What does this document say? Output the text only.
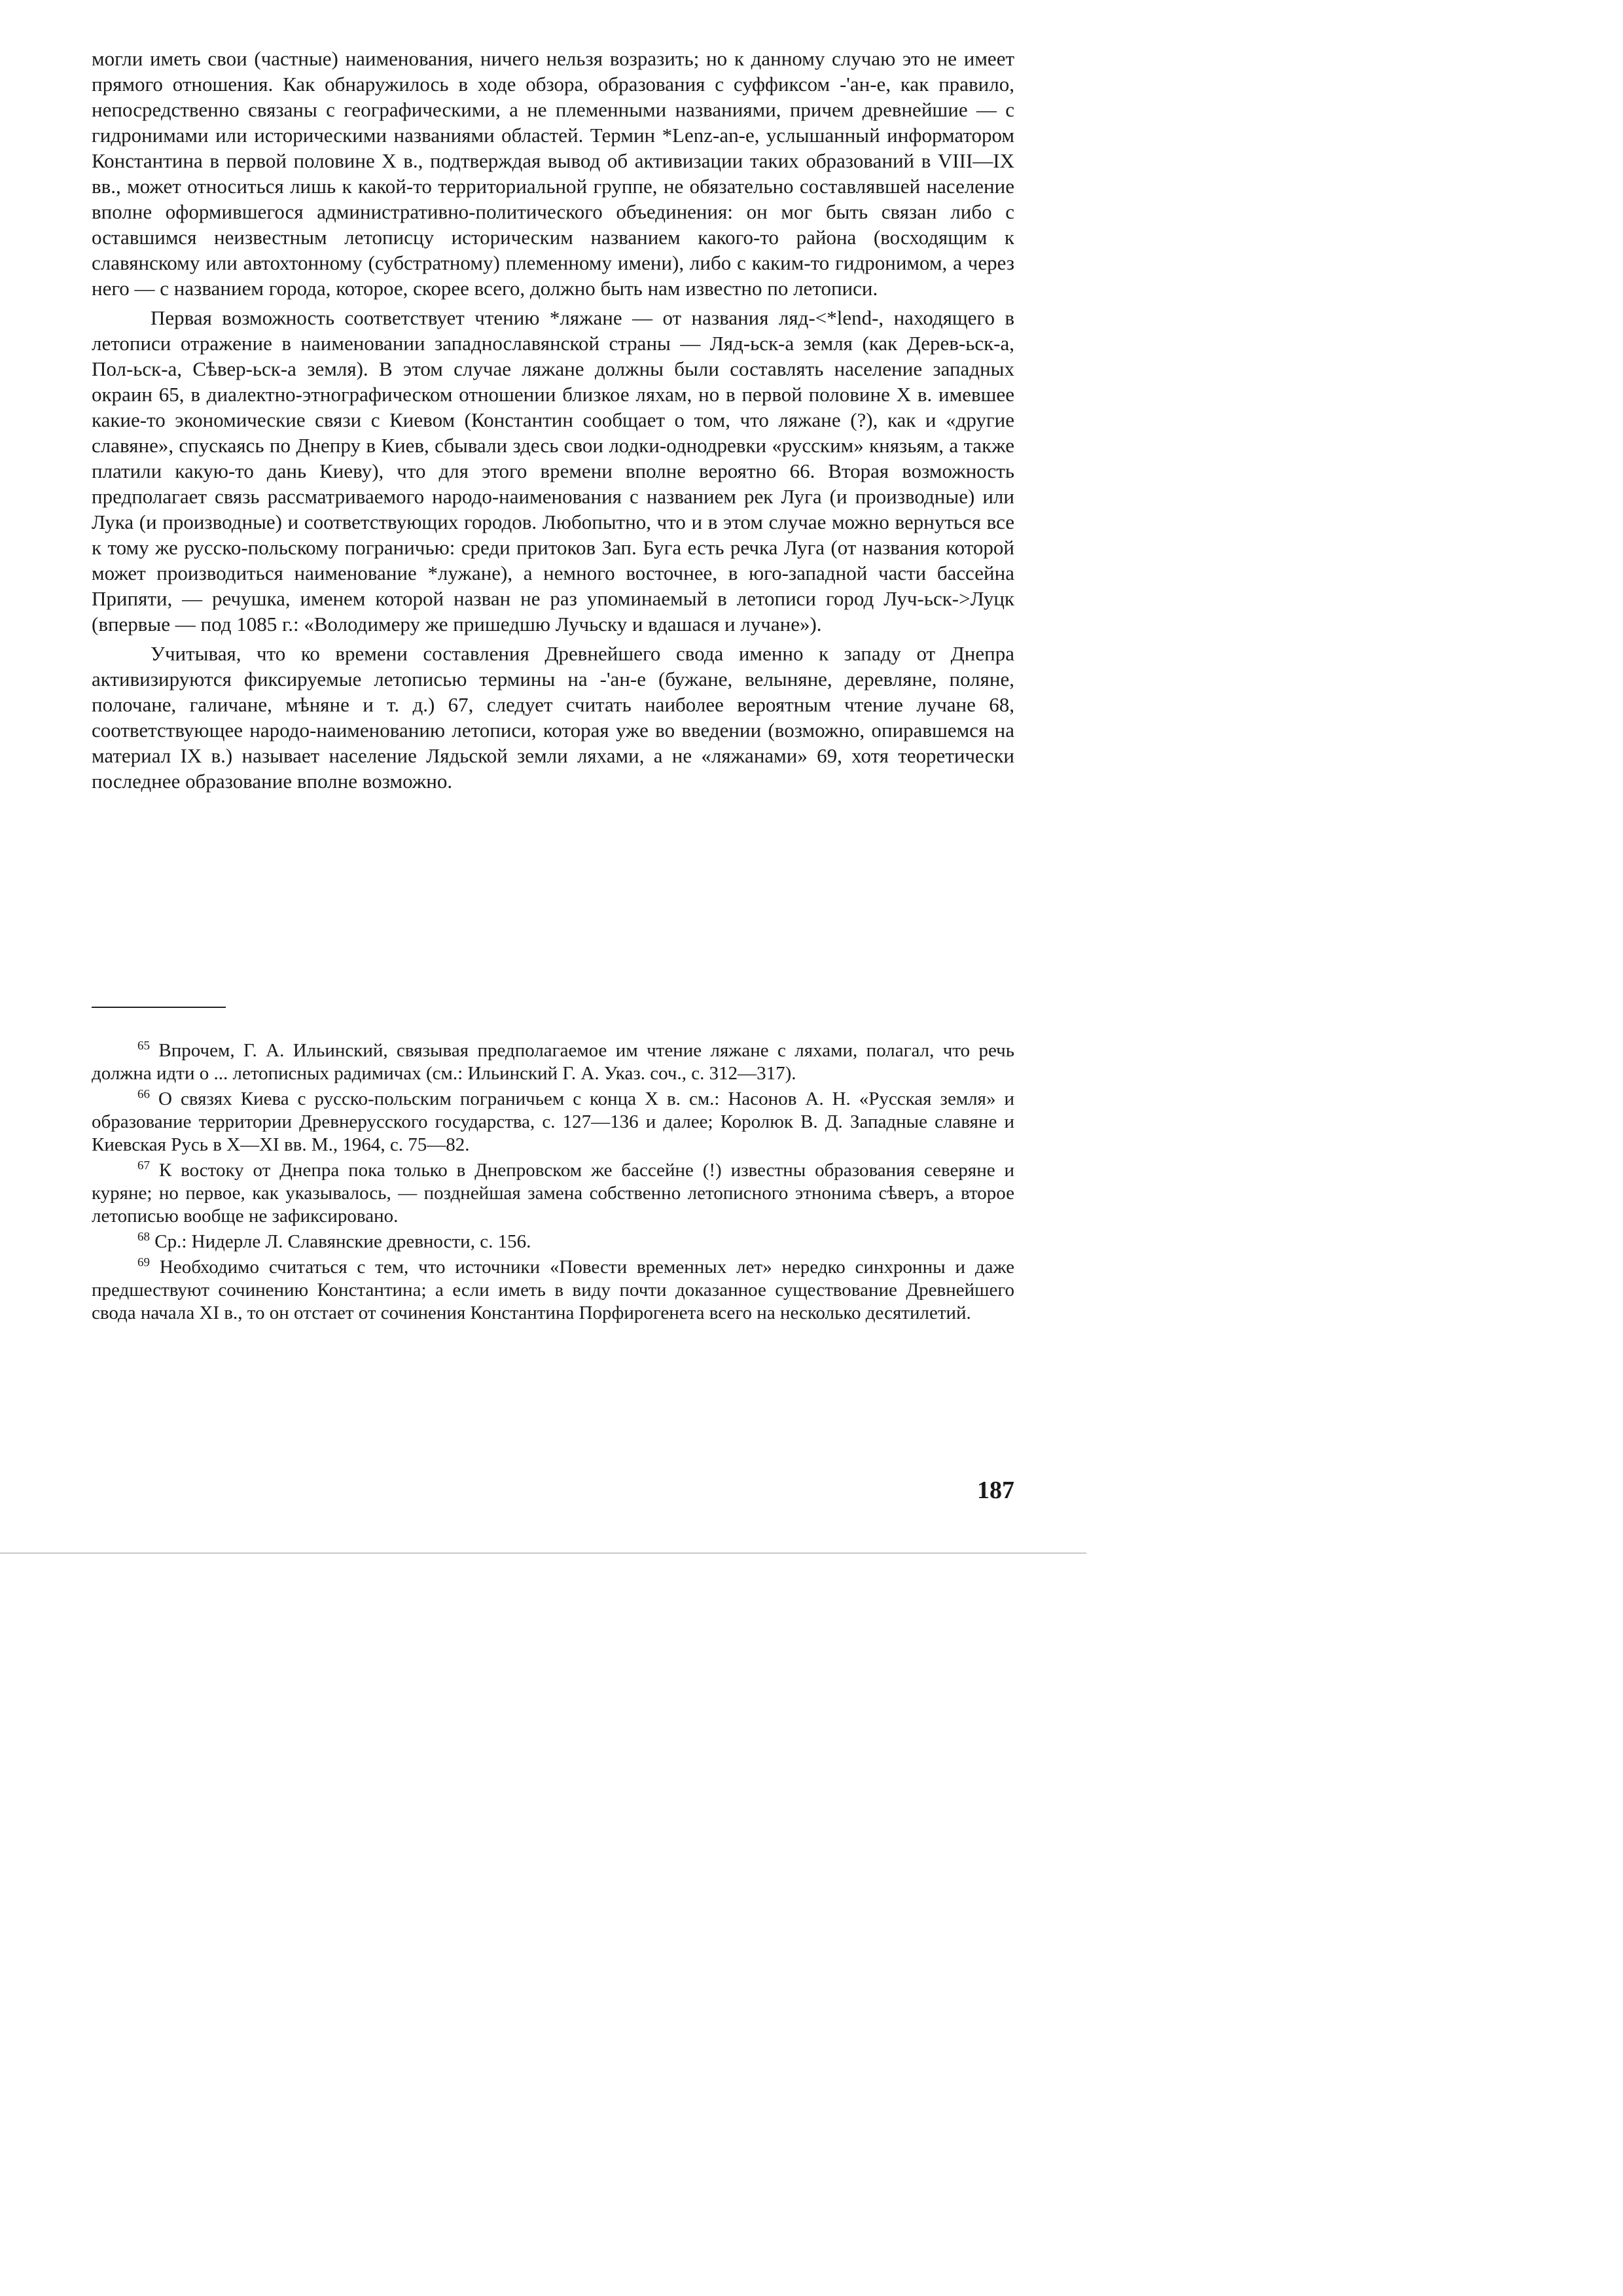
могли иметь свои (частные) наименования, ничего нельзя возразить; но к данному случаю это не имеет прямого отношения. Как обнаружилось в ходе обзора, образования с суффиксом -'ан-е, как правило, непосредственно связаны с географическими, а не племенными названиями, причем древнейшие — с гидронимами или историческими названиями областей. Термин *Lenz-an-e, услышанный информатором Константина в первой половине X в., подтверждая вывод об активизации таких образований в VIII—IX вв., может относиться лишь к какой-то территориальной группе, не обязательно составлявшей население вполне оформившегося административно-политического объединения: он мог быть связан либо с оставшимся неизвестным летописцу историческим названием какого-то района (восходящим к славянскому или автохтонному (субстратному) племенному имени), либо с каким-то гидронимом, а через него — с названием города, которое, скорее всего, должно быть нам известно по летописи.

Первая возможность соответствует чтению *ляжане — от названия ляд-<*lend-, находящего в летописи отражение в наименовании западнославянской страны — Ляд-ьск-а земля (как Дерев-ьск-а, Пол-ьск-а, Сѣвер-ьск-а земля). В этом случае ляжане должны были составлять население западных окраин 65, в диалектно-этнографическом отношении близкое ляхам, но в первой половине X в. имевшее какие-то экономические связи с Киевом (Константин сообщает о том, что ляжане (?), как и «другие славяне», спускаясь по Днепру в Киев, сбывали здесь свои лодки-однодревки «русским» князьям, а также платили какую-то дань Киеву), что для этого времени вполне вероятно 66. Вторая возможность предполагает связь рассматриваемого народо-наименования с названием рек Луга (и производные) или Лука (и производные) и соответствующих городов. Любопытно, что и в этом случае можно вернуться все к тому же русско-польскому пограничью: среди притоков Зап. Буга есть речка Луга (от названия которой может производиться наименование *лужане), а немного восточнее, в юго-западной части бассейна Припяти, — речушка, именем которой назван не раз упоминаемый в летописи город Луч-ьск->Луцк (впервые — под 1085 г.: «Володимеру же пришедшю Лучьску и вдашася и лучане»).

Учитывая, что ко времени составления Древнейшего свода именно к западу от Днепра активизируются фиксируемые летописью термины на -'ан-е (бужане, велыняне, деревляне, поляне, полочане, галичане, мѣняне и т. д.) 67, следует считать наиболее вероятным чтение лучане 68, соответствующее народо-наименованию летописи, которая уже во введении (возможно, опиравшемся на материал IX в.) называет население Лядьской земли ляхами, а не «ляжанами» 69, хотя теоретически последнее образование вполне возможно.

$^{65}$ Впрочем, Г. А. Ильинский, связывая предполагаемое им чтение ляжане с ляхами, полагал, что речь должна идти о ... летописных радимичах (см.: Ильинский Г. А. Указ. соч., с. 312—317).

$^{66}$ О связях Киева с русско-польским пограничьем с конца X в. см.: Насонов А. Н. «Русская земля» и образование территории Древнерусского государства, с. 127—136 и далее; Королюк В. Д. Западные славяне и Киевская Русь в X—XI вв. М., 1964, с. 75—82.

$^{67}$ К востоку от Днепра пока только в Днепровском же бассейне (!) известны образования северяне и куряне; но первое, как указывалось, — позднейшая замена собственно летописного этнонима сѣверъ, а второе летописью вообще не зафиксировано.

$^{68}$ Ср.: Нидерле Л. Славянские древности, с. 156.

$^{69}$ Необходимо считаться с тем, что источники «Повести временных лет» нередко синхронны и даже предшествуют сочинению Константина; а если иметь в виду почти доказанное существование Древнейшего свода начала XI в., то он отстает от сочинения Константина Порфирогенета всего на несколько десятилетий.

187
